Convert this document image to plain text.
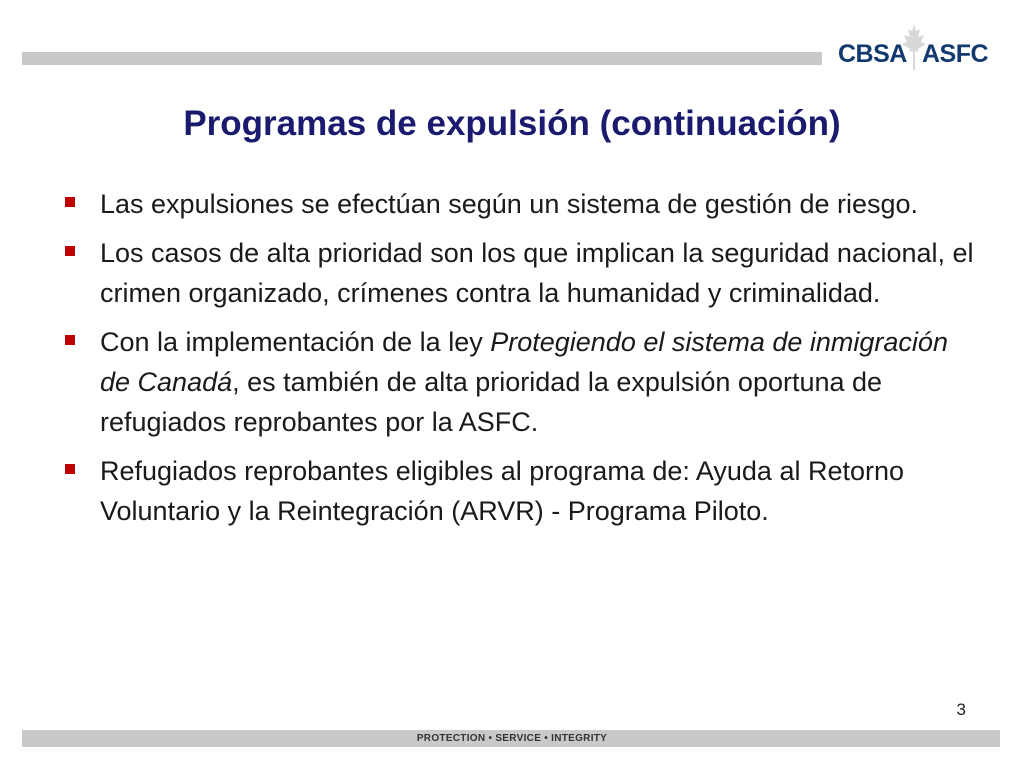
CBSA ASFC
Programas de expulsión (continuación)
Las expulsiones se efectúan según un sistema de gestión de riesgo.
Los casos de alta prioridad son los que implican la seguridad nacional, el crimen organizado, crímenes contra la humanidad y criminalidad.
Con la implementación de la ley Protegiendo el sistema de inmigración de Canadá, es también de alta prioridad la expulsión oportuna de refugiados reprobantes por la ASFC.
Refugiados reprobantes eligibles al programa de: Ayuda al Retorno Voluntario y la Reintegración (ARVR) - Programa Piloto.
3
PROTECTION • SERVICE • INTEGRITY
